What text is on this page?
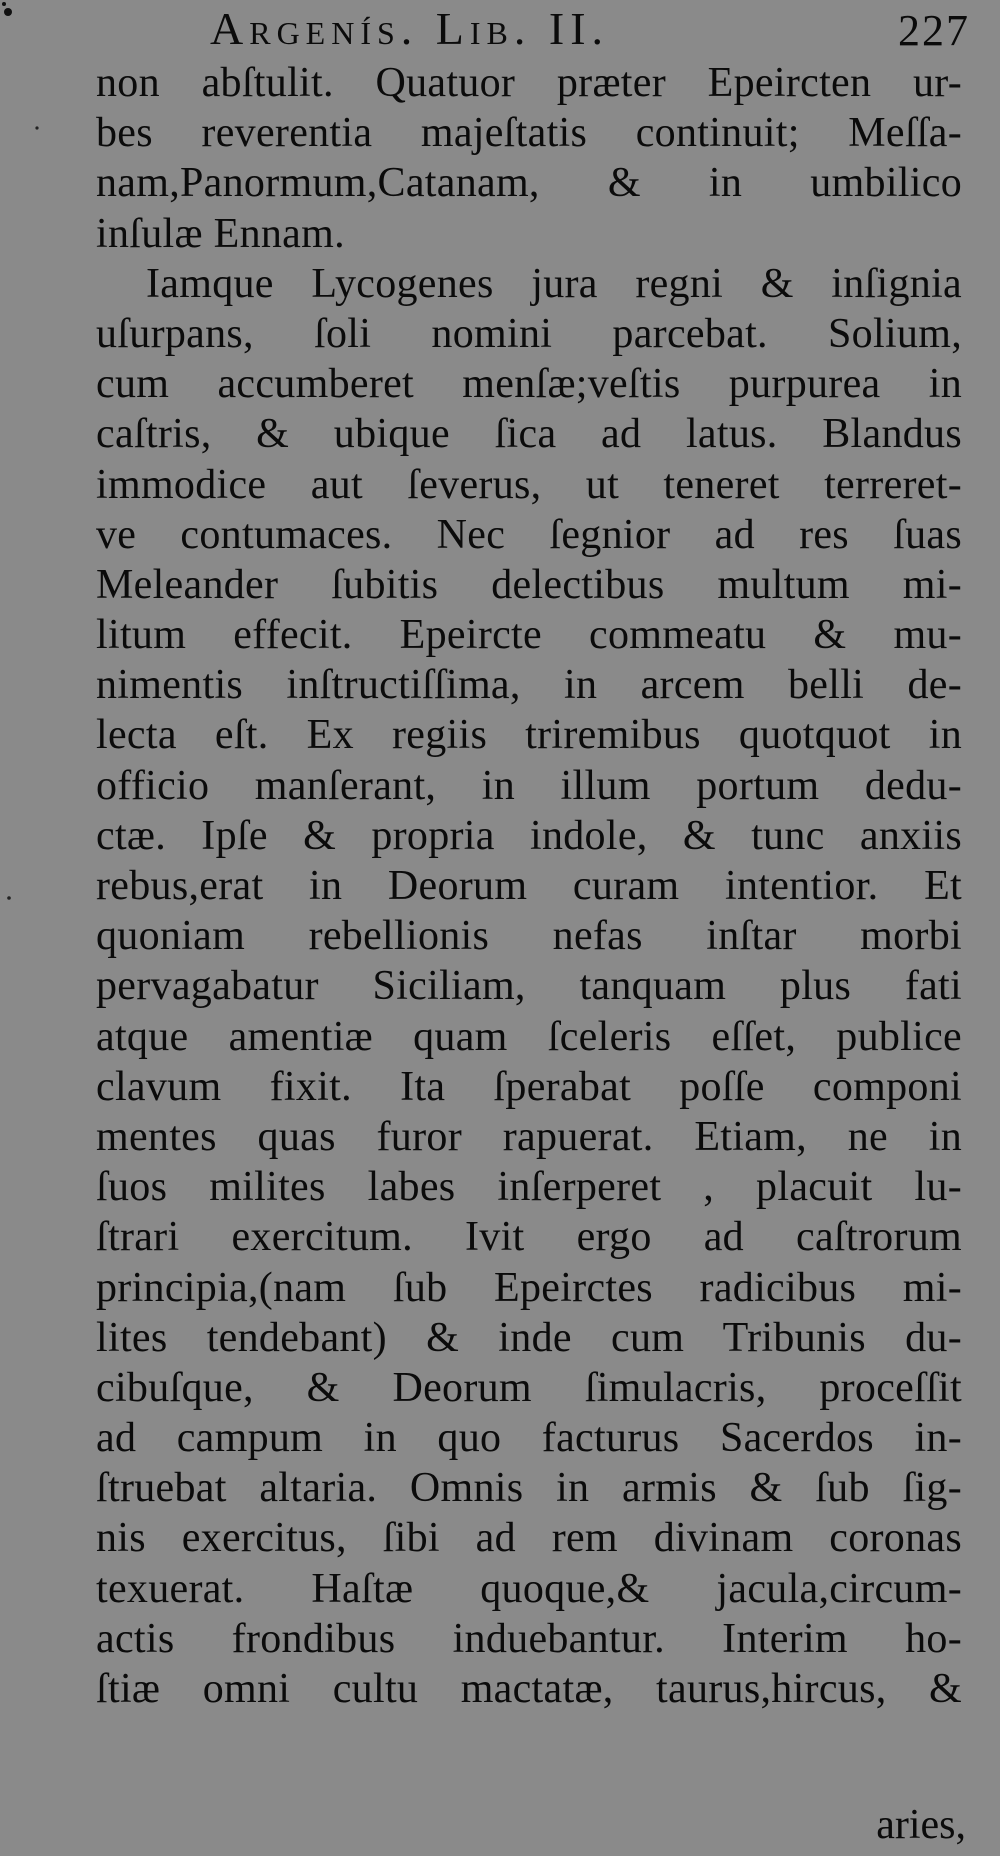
Argenís. Lib. II.	227
non abſtulit. Quatuor præter Epeircten ur-
bes reverentia majeſtatis continuit; Meſſa-
nam,Panormum,Catanam, & in umbilico
inſulæ Ennam.
Iamque Lycogenes jura regni & inſignia
uſurpans, ſoli nomini parcebat. Solium,
cum accumberet menſæ;veſtis purpurea in
caſtris, & ubique ſica ad latus. Blandus
immodice aut ſeverus, ut teneret terreret-
ve contumaces. Nec ſegnior ad res ſuas
Meleander ſubitis delectibus multum mi-
litum effecit. Epeircte commeatu & mu-
nimentis inſtructiſſima, in arcem belli de-
lecta eſt. Ex regiis triremibus quotquot in
officio manſerant, in illum portum dedu-
ctæ. Ipſe & propria indole, & tunc anxiis
rebus,erat in Deorum curam intentior. Et
quoniam rebellionis nefas inſtar morbi
pervagabatur Siciliam, tanquam plus fati
atque amentiæ quam ſceleris eſſet, publice
clavum fixit. Ita ſperabat poſſe componi
mentes quas furor rapuerat. Etiam, ne in
ſuos milites labes inſerperet , placuit lu-
ſtrari exercitum. Ivit ergo ad caſtrorum
principia,(nam ſub Epeirctes radicibus mi-
lites tendebant) & inde cum Tribunis du-
cibuſque, & Deorum ſimulacris, proceſſit
ad campum in quo facturus Sacerdos in-
ſtruebat altaria. Omnis in armis & ſub ſig-
nis exercitus, ſibi ad rem divinam coronas
texuerat. Haſtæ quoque,& jacula,circum-
actis frondibus induebantur. Interim ho-
ſtiæ omni cultu mactatæ, taurus,hircus, &
aries,
